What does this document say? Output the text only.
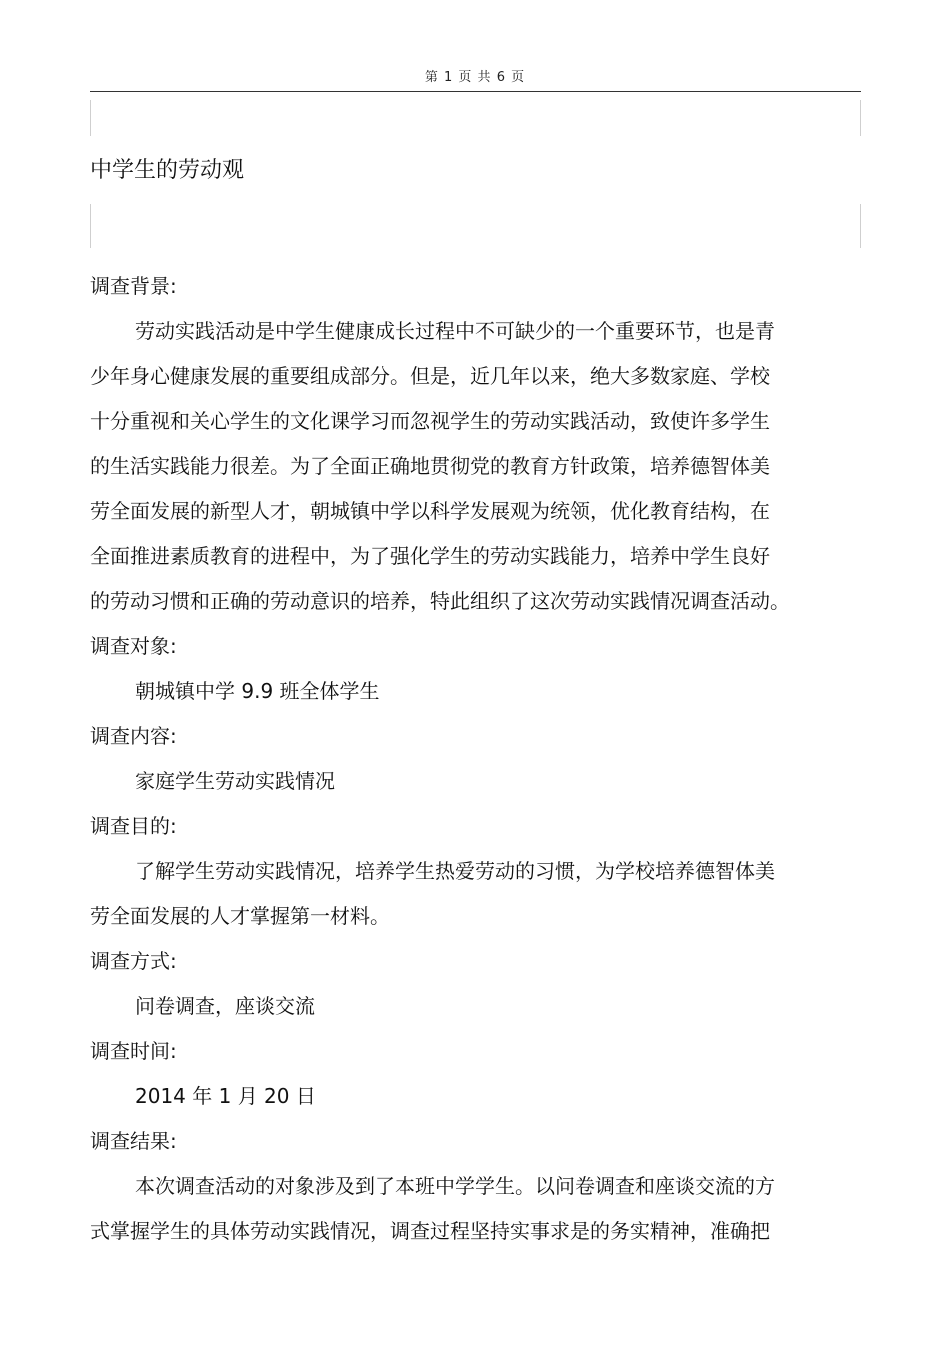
第 1 页 共 6 页
中学生的劳动观
调查背景:
劳动实践活动是中学生健康成长过程中不可缺少的一个重要环节，也是青
少年身心健康发展的重要组成部分。但是，近几年以来，绝大多数家庭、学校
十分重视和关心学生的文化课学习而忽视学生的劳动实践活动，致使许多学生
的生活实践能力很差。为了全面正确地贯彻党的教育方针政策，培养德智体美
劳全面发展的新型人才，朝城镇中学以科学发展观为统领，优化教育结构，在
全面推进素质教育的进程中，为了强化学生的劳动实践能力，培养中学生良好
的劳动习惯和正确的劳动意识的培养，特此组织了这次劳动实践情况调查活动。
调查对象:
朝城镇中学 9.9 班全体学生
调查内容:
家庭学生劳动实践情况
调查目的:
了解学生劳动实践情况，培养学生热爱劳动的习惯，为学校培养德智体美
劳全面发展的人才掌握第一材料。
调查方式:
问卷调查，座谈交流
调查时间:
2014 年 1 月 20 日
调查结果:
本次调查活动的对象涉及到了本班中学学生。以问卷调查和座谈交流的方
式掌握学生的具体劳动实践情况，调查过程坚持实事求是的务实精神，准确把
